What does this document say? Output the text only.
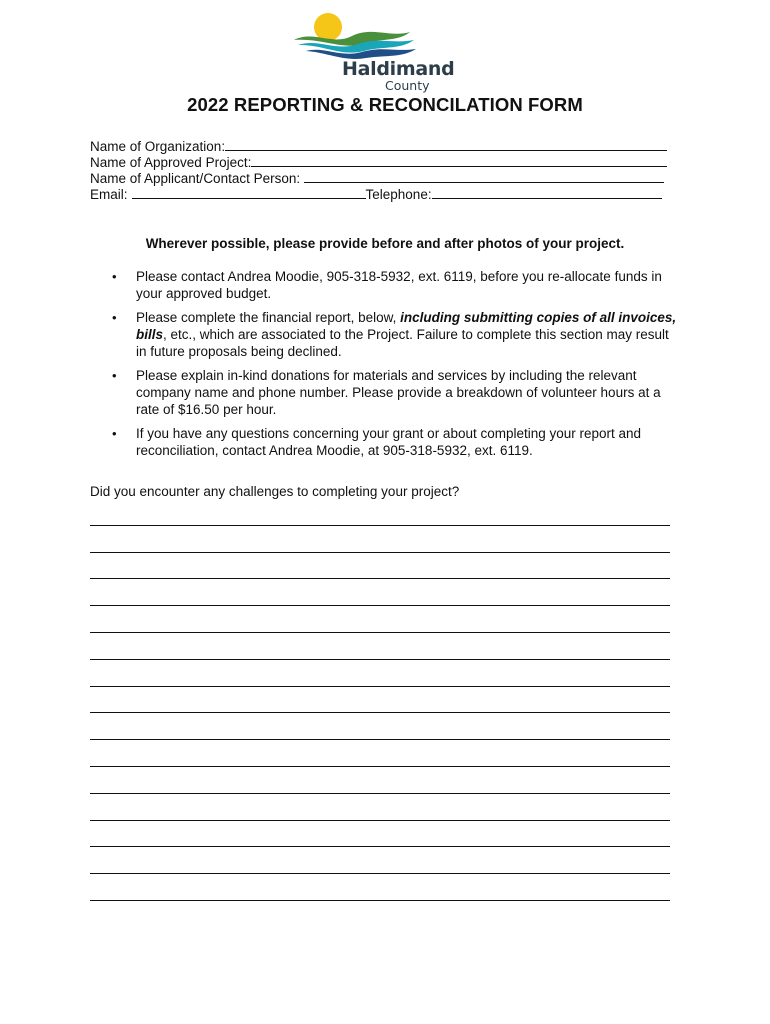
Haldimand
County
2022 REPORTING & RECONCILATION FORM
Name of Organization:
Name of Approved Project:
Name of Applicant/Contact Person:
Email:	Telephone:
Wherever possible, please provide before and after photos of your project.
• Please contact Andrea Moodie, 905-318-5932, ext. 6119, before you re-allocate funds in your approved budget.
• Please complete the financial report, below, including submitting copies of all invoices, bills, etc., which are associated to the Project. Failure to complete this section may result in future proposals being declined.
• Please explain in-kind donations for materials and services by including the relevant company name and phone number. Please provide a breakdown of volunteer hours at a rate of $16.50 per hour.
• If you have any questions concerning your grant or about completing your report and reconciliation, contact Andrea Moodie, at 905-318-5932, ext. 6119.
Did you encounter any challenges to completing your project?
